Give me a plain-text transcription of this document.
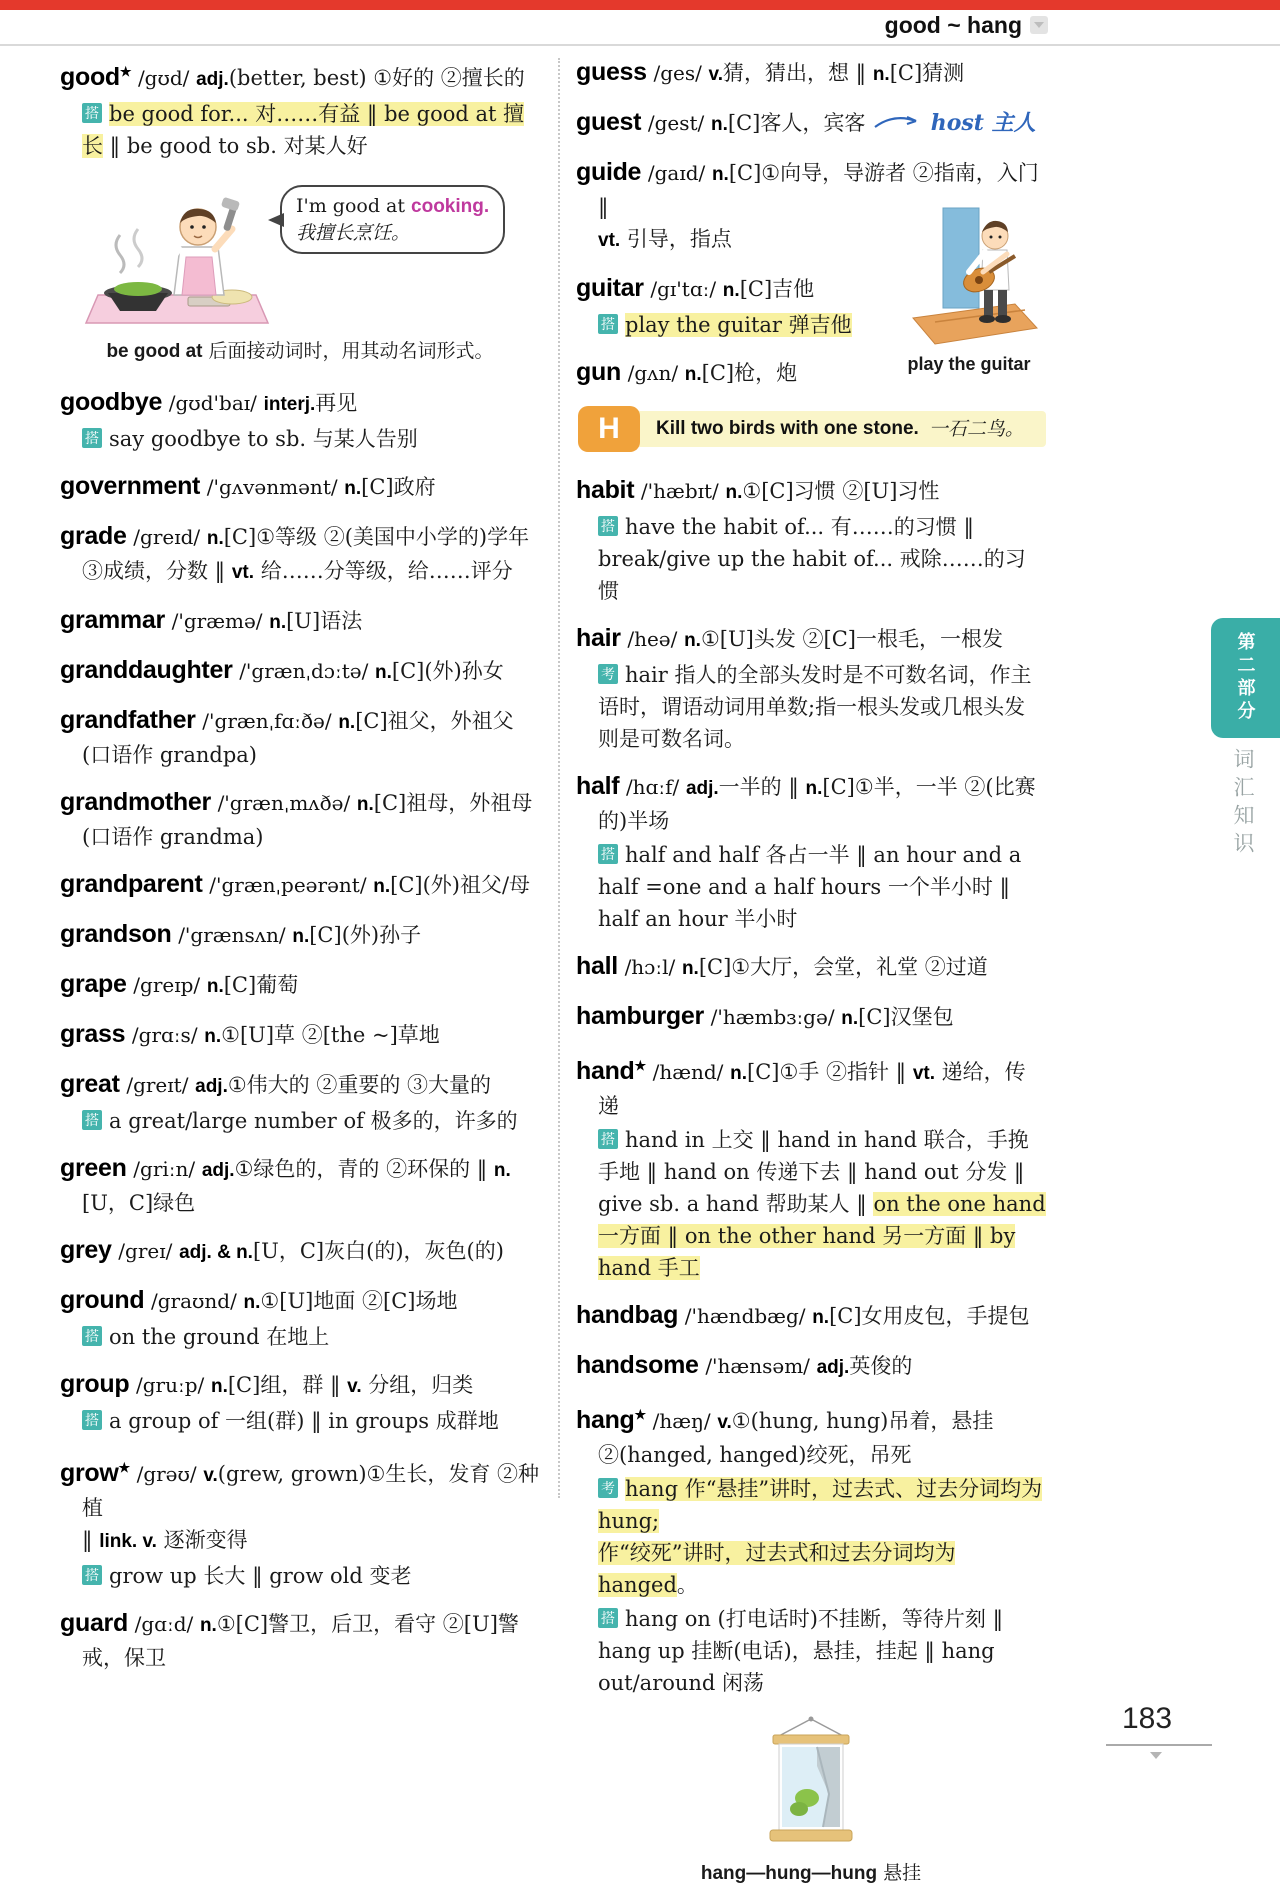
good ~ hang
good★ /gʊd/ adj.(better, best) ①好的 ②擅长的
搭 be good for... 对……有益 ‖ be good at 擅长 ‖ be good to sb. 对某人好
I'm good at cooking.
我擅长烹饪。
be good at 后面接动词时，用其动名词形式。
goodbye /gʊd'baɪ/ interj.再见
搭 say goodbye to sb. 与某人告别
government /'gʌvənmənt/ n.[C]政府
grade /greɪd/ n.[C]①等级 ②(美国中小学的)学年
③成绩，分数 ‖ vt. 给……分等级，给……评分
grammar /'græmə/ n.[U]语法
granddaughter /'grænˌdɔːtə/ n.[C](外)孙女
grandfather /'grænˌfɑːðə/ n.[C]祖父，外祖父
(口语作 grandpa)
grandmother /'grænˌmʌðə/ n.[C]祖母，外祖母
(口语作 grandma)
grandparent /'grænˌpeərənt/ n.[C](外)祖父/母
grandson /'grænsʌn/ n.[C](外)孙子
grape /greɪp/ n.[C]葡萄
grass /grɑːs/ n.①[U]草 ②[the ~]草地
great /greɪt/ adj.①伟大的 ②重要的 ③大量的
搭 a great/large number of 极多的，许多的
green /griːn/ adj.①绿色的，青的 ②环保的 ‖ n.[U，C]绿色
grey /greɪ/ adj. & n.[U，C]灰白(的)，灰色(的)
ground /graʊnd/ n.①[U]地面 ②[C]场地
搭 on the ground 在地上
group /gruːp/ n.[C]组，群 ‖ v. 分组，归类
搭 a group of 一组(群) ‖ in groups 成群地
grow★ /grəʊ/ v.(grew, grown)①生长，发育 ②种植
‖ link. v. 逐渐变得
搭 grow up 长大 ‖ grow old 变老
guard /gɑːd/ n.①[C]警卫，后卫，看守 ②[U]警戒，保卫
guess /ges/ v.猜，猜出，想 ‖ n.[C]猜测
guest /gest/ n.[C]客人，宾客	host 主人
guide /gaɪd/ n.[C]①向导，导游者 ②指南，入门 ‖
vt. 引导，指点
guitar /gɪ'tɑː/ n.[C]吉他
搭 play the guitar 弹吉他
gun /gʌn/ n.[C]枪，炮	play the guitar
Kill two birds with one stone. 一石二鸟。
H
habit /'hæbɪt/ n.①[C]习惯 ②[U]习性
搭 have the habit of... 有……的习惯 ‖ break/give up the habit of... 戒除……的习惯
hair /heə/ n.①[U]头发 ②[C]一根毛，一根发
考 hair 指人的全部头发时是不可数名词，作主语时，谓语动词用单数;指一根头发或几根头发则是可数名词。
half /hɑːf/ adj.一半的 ‖ n.[C]①半，一半 ②(比赛的)半场
搭 half and half 各占一半 ‖ an hour and a half =one and a half hours 一个半小时 ‖ half an hour 半小时
hall /hɔːl/ n.[C]①大厅，会堂，礼堂 ②过道
hamburger /'hæmbɜːgə/ n.[C]汉堡包
hand★ /hænd/ n.[C]①手 ②指针 ‖ vt. 递给，传递
搭 hand in 上交 ‖ hand in hand 联合，手挽手地 ‖ hand on 传递下去 ‖ hand out 分发 ‖ give sb. a hand 帮助某人 ‖ on the one hand 一方面 ‖ on the other hand 另一方面 ‖ by hand 手工
handbag /'hændbæg/ n.[C]女用皮包，手提包
handsome /'hænsəm/ adj.英俊的
hang★ /hæŋ/ v.①(hung, hung)吊着，悬挂 ②(hanged, hanged)绞死，吊死
考 hang 作“悬挂”讲时，过去式、过去分词均为 hung;
作“绞死”讲时，过去式和过去分词均为 hanged。
搭 hang on (打电话时)不挂断，等待片刻 ‖ hang up 挂断(电话)，悬挂，挂起 ‖ hang out/around 闲荡
hang—hung—hung 悬挂
第二部分
词汇知识
183
